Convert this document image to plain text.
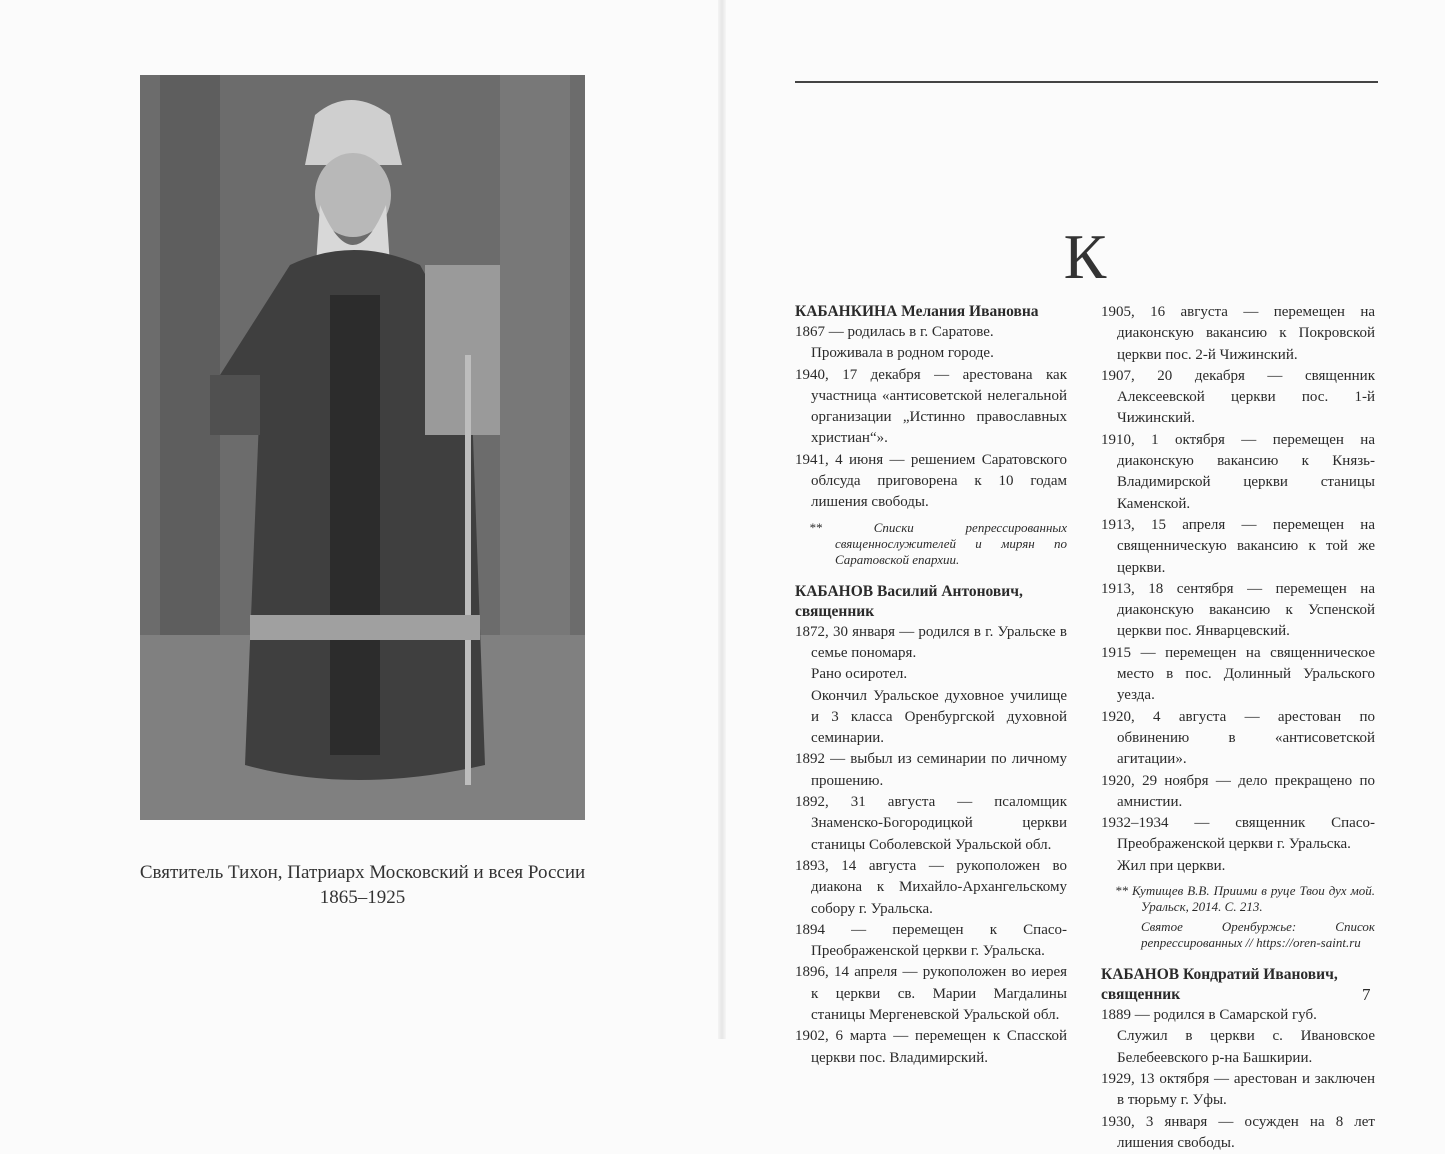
Святитель Тихон, Патриарх Московский и всея России
1865–1925
К
КАБАНКИНА Мелания Ивановна
1867 — родилась в г. Саратове.
Проживала в родном городе.
1940, 17 декабря — арестована как участница «антисоветской нелегальной организации „Истинно православных христиан“».
1941, 4 июня — решением Саратовского облсуда приговорена к 10 годам лишения свободы.
** Списки репрессированных священнослужителей и мирян по Саратовской епархии.
КАБАНОВ Василий Антонович, священник
1872, 30 января — родился в г. Уральске в семье пономаря.
Рано осиротел.
Окончил Уральское духовное училище и 3 класса Оренбургской духовной семинарии.
1892 — выбыл из семинарии по личному прошению.
1892, 31 августа — псаломщик Знаменско-Богородицкой церкви станицы Соболевской Уральской обл.
1893, 14 августа — рукоположен во диакона к Михайло-Архангельскому собору г. Уральска.
1894 — перемещен к Спасо-Преображенской церкви г. Уральска.
1896, 14 апреля — рукоположен во иерея к церкви св. Марии Магдалины станицы Мергеневской Уральской обл.
1902, 6 марта — перемещен к Спасской церкви пос. Владимирский.
1905, 16 августа — перемещен на диаконскую вакансию к Покровской церкви пос. 2-й Чижинский.
1907, 20 декабря — священник Алексеевской церкви пос. 1-й Чижинский.
1910, 1 октября — перемещен на диаконскую вакансию к Князь-Владимирской церкви станицы Каменской.
1913, 15 апреля — перемещен на священническую вакансию к той же церкви.
1913, 18 сентября — перемещен на диаконскую вакансию к Успенской церкви пос. Январцевский.
1915 — перемещен на священническое место в пос. Долинный Уральского уезда.
1920, 4 августа — арестован по обвинению в «антисоветской агитации».
1920, 29 ноября — дело прекращено по амнистии.
1932–1934 — священник Спасо-Преображенской церкви г. Уральска.
Жил при церкви.
** Кутищев В.В. Приими в руце Твои дух мой. Уральск, 2014. С. 213.
Святое Оренбуржье: Список репрессированных // https://oren-saint.ru
КАБАНОВ Кондратий Иванович, священник
1889 — родился в Самарской губ.
Служил в церкви с. Ивановское Белебеевского р-на Башкирии.
1929, 13 октября — арестован и заключен в тюрьму г. Уфы.
1930, 3 января — осужден на 8 лет лишения свободы.
7
